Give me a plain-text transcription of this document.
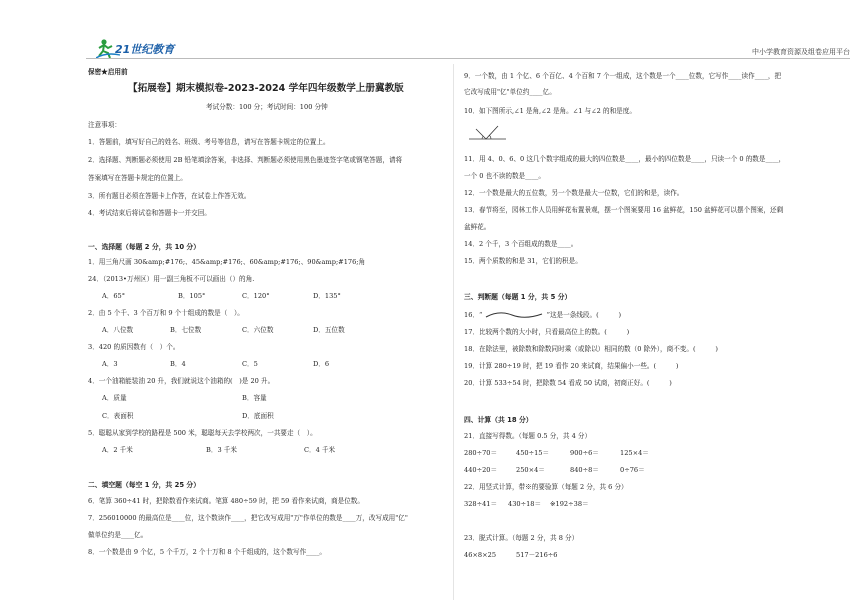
21世纪教育	中小学教育资源及组卷应用平台
保密★启用前
【拓展卷】期末模拟卷-2023-2024 学年四年级数学上册冀教版
考试分数：100 分；考试时间：100 分钟
注意事项：
1．答题前，填写好自己的姓名、班级、考号等信息，请写在答题卡规定的位置上。
2．选择题、判断题必须使用 2B 铅笔填涂答案，非选择、判断题必须使用黑色墨迹签字笔或钢笔答题，请将
答案填写在答题卡规定的位置上。
3．所有题目必须在答题卡上作答，在试卷上作答无效。
4．考试结束后将试卷和答题卡一并交回。
一、选择题（每题 2 分，共 10 分）
1．用三角尺画 30&amp;#176;、45&amp;#176;、60&amp;#176;、90&amp;#176;角
24．（2013•万州区）用一副三角板不可以画出（）的角.
A．65°	B．105°	C．120°	D．135°
2．由 5 个千、3 个百万和 9 个十组成的数是（　）。
A．八位数	B．七位数	C．六位数	D．五位数
3．420 的质因数有（　）个。
A．3	B．4	C．5	D．6
4．一个油箱能装油 20 升，我们就说这个油箱的(　)是 20 升。
A．质量	B．容量
C．表面积	D．底面积
5．聪聪从家到学校的路程是 500 米，聪聪每天去学校两次，一共要走（　）。
A．2 千米	B．3 千米	C．4 千米
二、填空题（每空 1 分，共 25 分）
6．笔算 360÷41 时，把除数看作来试商。笔算 480÷59 时，把 59 看作来试商，商是位数。
7．256010000 的最高位是____位，这个数读作____，把它改写成用"万"作单位的数是____万，改写成用"亿"
做单位约是____亿。
8．一个数是由 9 个亿，5 个千万，2 个十万和 8 个千组成的，这个数写作____。
9．一个数，由 1 个亿、6 个百亿、4 个百和 7 个一组成，这个数是一个____位数，它写作____读作____，把
它改写成用"亿"单位约____亿。
10．如下图所示,∠1 是角,∠2 是角。∠1 与∠2 的和是度。
11．用 4、0、6、0 这几个数字组成的最大的四位数是____，最小的四位数是____，只读一个 0 的数是____，
一个 0 也不读的数是____。
12．一个数是最大的五位数，另一个数是最大一位数，它们的和是，读作。
13．春节将至，园林工作人员用鲜花布置景观，摆一个图案要用 16 盆鲜花，150 盆鲜花可以摆个图案，还剩
盆鲜花。
14．2 个千，3 个百组成的数是____。
15．两个质数的和是 31，它们的积是。
三、判断题（每题 1 分，共 5 分）
16．“	”这是一条线段。(　　　)
17．比较两个数的大小时，只看最高位上的数。(　　　)
18．在除法里，被除数和除数同时乘（或除以）相同的数（0 除外），商不变。(　　　)
19．计算 280÷19 时，把 19 看作 20 来试商，结果偏小一些。(　　　)
20．计算 533÷54 时，把除数 54 看成 50 试商，初商正好。(　　　)
四、计算（共 18 分）
21．直接写得数。（每题 0.5 分，共 4 分）
280÷70＝	450÷15＝	900÷6＝	125×4＝
440÷20＝	250×4＝	840÷8＝	0÷76＝
22．用竖式计算，带※的要验算（每题 2 分，共 6 分）
328÷41＝ 430÷18＝ ※192÷38＝
23．脱式计算。（每题 2 分，共 8 分）
46×8×25	517－216÷6
